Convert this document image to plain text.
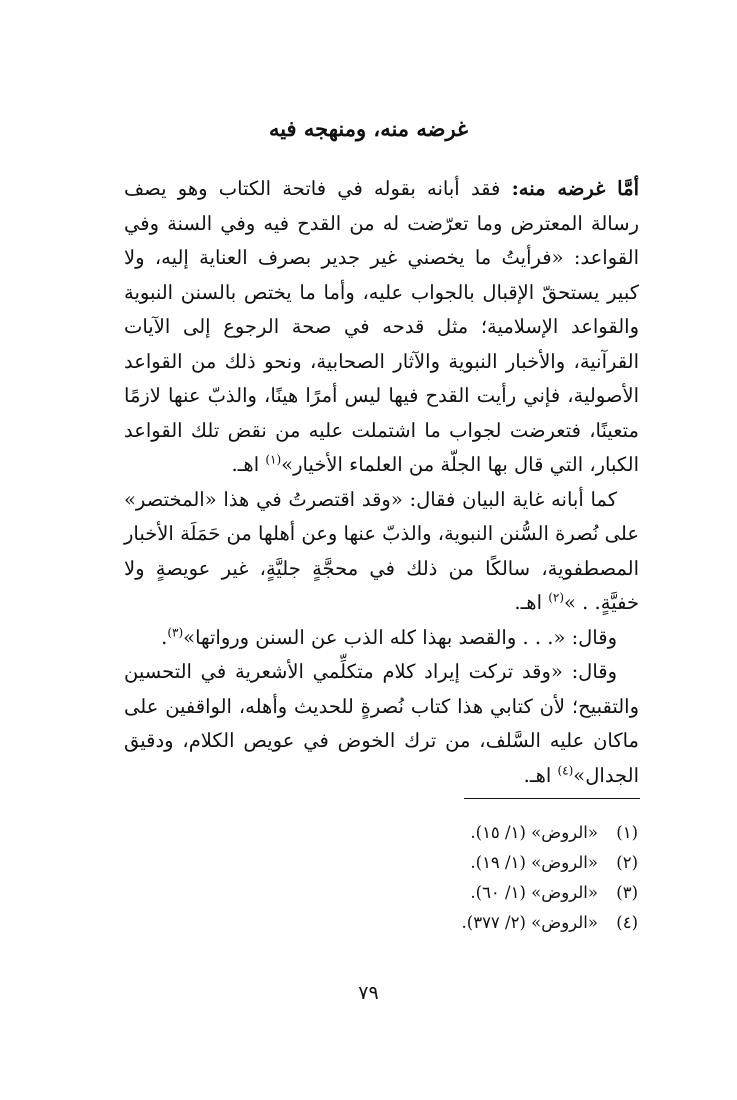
غرضه منه، ومنهجه فيه

أمَّا غرضه منه: فقد أبانه بقوله في فاتحة الكتاب وهو يصف رسالة المعترض وما تعرّضت له من القدح فيه وفي السنة وفي القواعد: «فرأيتُ ما يخصني غير جدير بصرف العناية إليه، ولا كبير يستحقّ الإقبال بالجواب عليه، وأما ما يختص بالسنن النبوية والقواعد الإسلامية؛ مثل قدحه في صحة الرجوع إلى الآيات القرآنية، والأخبار النبوية والآثار الصحابية، ونحو ذلك من القواعد الأصولية، فإني رأيت القدح فيها ليس أمرًا هينًا، والذبّ عنها لازمًا متعينًا، فتعرضت لجواب ما اشتملت عليه من نقض تلك القواعد الكبار، التي قال بها الجلّة من العلماء الأخيار»$^{(١)}$ اهـ.

كما أبانه غاية البيان فقال: «وقد اقتصرتُ في هذا «المختصر» على نُصرة السُّنن النبوية، والذبّ عنها وعن أهلها من حَمَلَة الأخبار المصطفوية، سالكًا من ذلك في محجَّةٍ جليَّةٍ، غير عويصةٍ ولا خفيَّةٍ. . »$^{(٢)}$ اهـ.

وقال: «. . . والقصد بهذا كله الذب عن السنن ورواتها»$^{(٣)}$.

وقال: «وقد تركت إيراد كلام متكلِّمي الأشعرية في التحسين والتقبيح؛ لأن كتابي هذا كتاب نُصرةٍ للحديث وأهله، الواقفين على ماكان عليه السَّلف، من ترك الخوض في عويص الكلام، ودقيق الجدال»$^{(٤)}$ اهـ.

(١)«الروض» (١/ ١٥).
(٢)«الروض» (١/ ١٩).
(٣)«الروض» (١/ ٦٠).
(٤)«الروض» (٢/ ٣٧٧).
٧٩
